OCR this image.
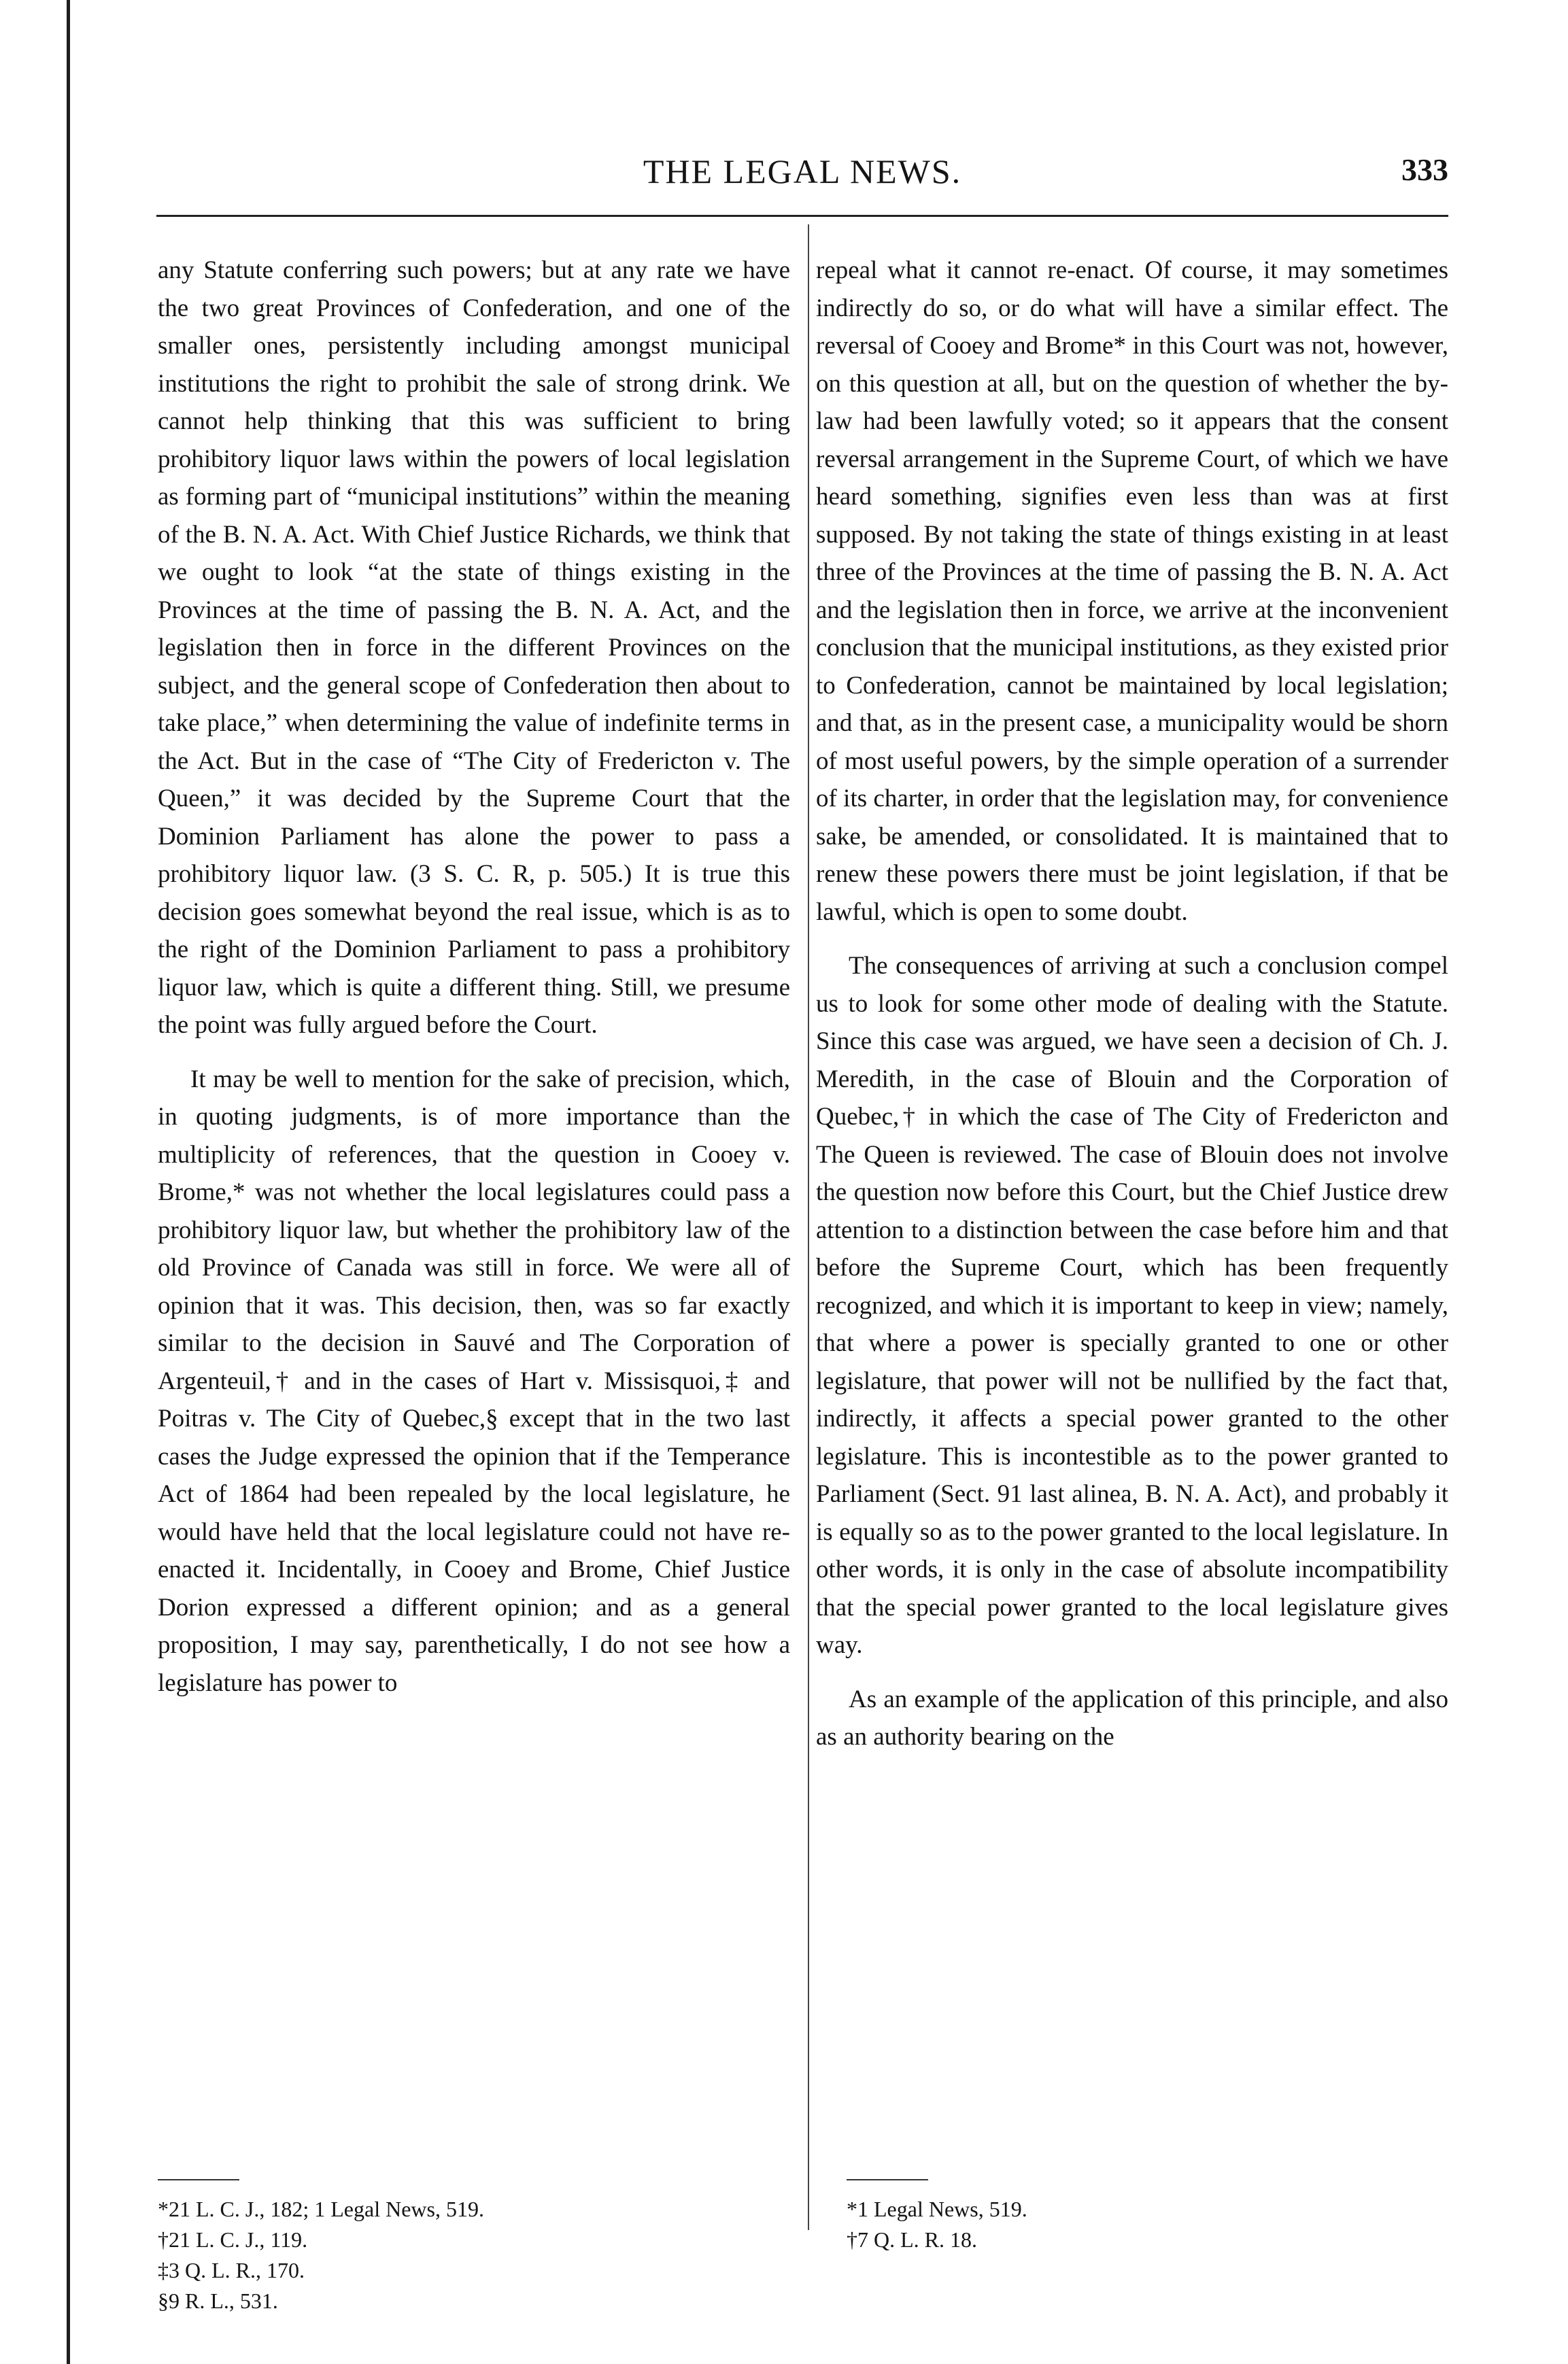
THE LEGAL NEWS.	333

any Statute conferring such powers; but at any rate we have the two great Provinces of Confederation, and one of the smaller ones, persistently including amongst municipal institutions the right to prohibit the sale of strong drink. We cannot help thinking that this was sufficient to bring prohibitory liquor laws within the powers of local legislation as forming part of “municipal institutions” within the meaning of the B. N. A. Act. With Chief Justice Richards, we think that we ought to look “at the state of things existing in the Provinces at the time of passing the B. N. A. Act, and the legislation then in force in the different Provinces on the subject, and the general scope of Confederation then about to take place,” when determining the value of indefinite terms in the Act. But in the case of “The City of Fredericton v. The Queen,” it was decided by the Supreme Court that the Dominion Parliament has alone the power to pass a prohibitory liquor law. (3 S. C. R, p. 505.) It is true this decision goes somewhat beyond the real issue, which is as to the right of the Dominion Parliament to pass a prohibitory liquor law, which is quite a different thing. Still, we presume the point was fully argued before the Court.

It may be well to mention for the sake of precision, which, in quoting judgments, is of more importance than the multiplicity of references, that the question in Cooey v. Brome,* was not whether the local legislatures could pass a prohibitory liquor law, but whether the prohibitory law of the old Province of Canada was still in force. We were all of opinion that it was. This decision, then, was so far exactly similar to the decision in Sauvé and The Corporation of Argenteuil,† and in the cases of Hart v. Missisquoi,‡ and Poitras v. The City of Quebec,§ except that in the two last cases the Judge expressed the opinion that if the Temperance Act of 1864 had been repealed by the local legislature, he would have held that the local legislature could not have re-enacted it. Incidentally, in Cooey and Brome, Chief Justice Dorion expressed a different opinion; and as a general proposition, I may say, parenthetically, I do not see how a legislature has power to

repeal what it cannot re-enact. Of course, it may sometimes indirectly do so, or do what will have a similar effect. The reversal of Cooey and Brome* in this Court was not, however, on this question at all, but on the question of whether the by-law had been lawfully voted; so it appears that the consent reversal arrangement in the Supreme Court, of which we have heard something, signifies even less than was at first supposed. By not taking the state of things existing in at least three of the Provinces at the time of passing the B. N. A. Act and the legislation then in force, we arrive at the inconvenient conclusion that the municipal institutions, as they existed prior to Confederation, cannot be maintained by local legislation; and that, as in the present case, a municipality would be shorn of most useful powers, by the simple operation of a surrender of its charter, in order that the legislation may, for convenience sake, be amended, or consolidated. It is maintained that to renew these powers there must be joint legislation, if that be lawful, which is open to some doubt.

The consequences of arriving at such a conclusion compel us to look for some other mode of dealing with the Statute. Since this case was argued, we have seen a decision of Ch. J. Meredith, in the case of Blouin and the Corporation of Quebec,† in which the case of The City of Fredericton and The Queen is reviewed. The case of Blouin does not involve the question now before this Court, but the Chief Justice drew attention to a distinction between the case before him and that before the Supreme Court, which has been frequently recognized, and which it is important to keep in view; namely, that where a power is specially granted to one or other legislature, that power will not be nullified by the fact that, indirectly, it affects a special power granted to the other legislature. This is incontestible as to the power granted to Parliament (Sect. 91 last alinea, B. N. A. Act), and probably it is equally so as to the power granted to the local legislature. In other words, it is only in the case of absolute incompatibility that the special power granted to the local legislature gives way.

As an example of the application of this principle, and also as an authority bearing on the

*21 L. C. J., 182; 1 Legal News, 519.

†21 L. C. J., 119.

‡3 Q. L. R., 170.

§9 R. L., 531.

*1 Legal News, 519.

†7 Q. L. R. 18.
